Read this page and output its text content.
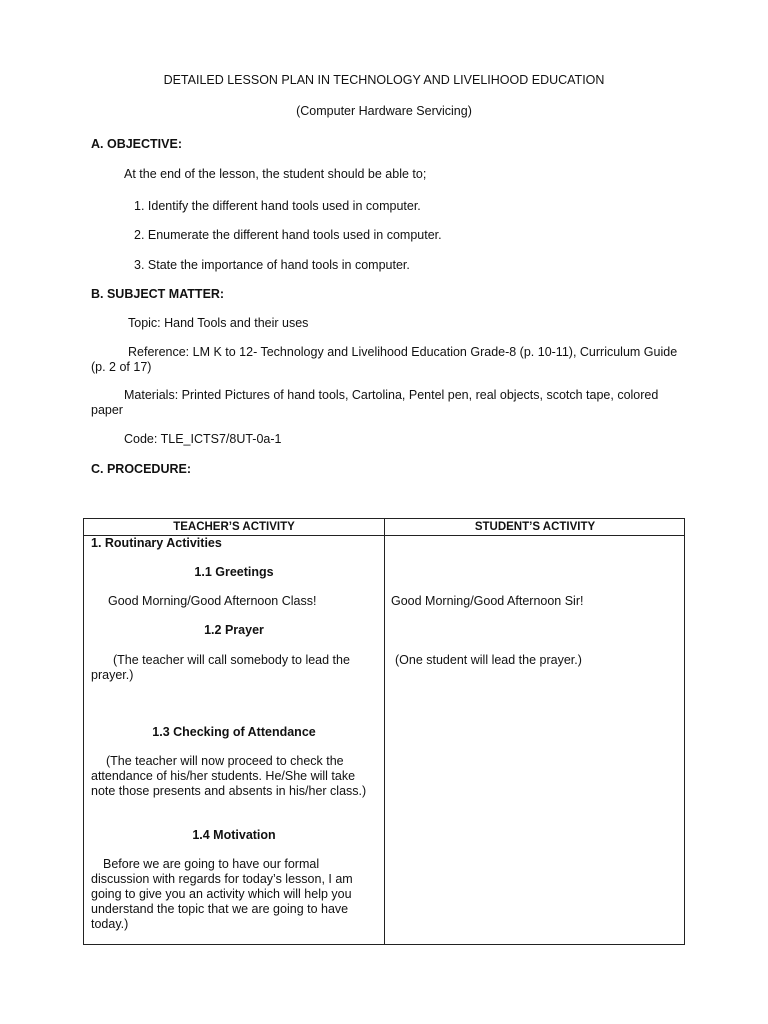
DETAILED LESSON PLAN IN TECHNOLOGY AND LIVELIHOOD EDUCATION
(Computer Hardware Servicing)
A. OBJECTIVE:
At the end of the lesson, the student should be able to;
1. Identify the different hand tools used in computer.
2. Enumerate the different hand tools used in computer.
3. State the importance of hand tools in computer.
B. SUBJECT MATTER:
Topic: Hand Tools and their uses
Reference: LM K to 12- Technology and Livelihood Education Grade-8 (p. 10-11), Curriculum Guide (p. 2 of 17)
Materials: Printed Pictures of hand tools, Cartolina, Pentel pen, real objects, scotch tape, colored paper
Code: TLE_ICTS7/8UT-0a-1
C. PROCEDURE:
TEACHER’S ACTIVITY	STUDENT’S ACTIVITY
1. Routinary Activities
1.1 Greetings
Good Morning/Good Afternoon Class!
1.2 Prayer
(The teacher will call somebody to lead the prayer.)
1.3 Checking of Attendance
(The teacher will now proceed to check the attendance of his/her students. He/She will take note those presents and absents in his/her class.)
1.4 Motivation
Before we are going to have our formal discussion with regards for today’s lesson, I am going to give you an activity which will help you understand the topic that we are going to have today.)
Good Morning/Good Afternoon Sir!
(One student will lead the prayer.)
